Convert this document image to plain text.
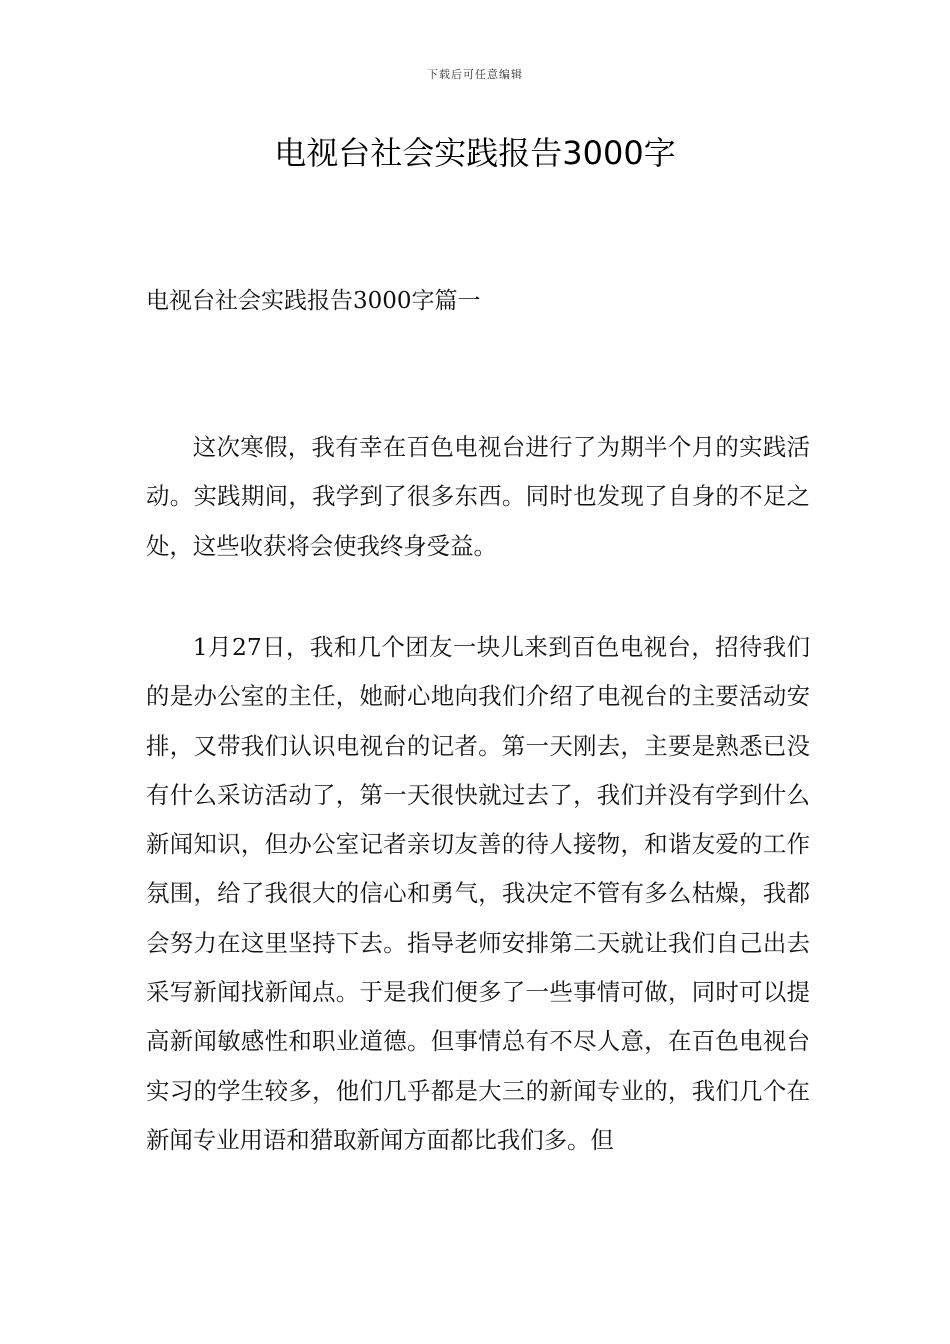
下载后可任意编辑
电视台社会实践报告3000字
电视台社会实践报告3000字篇一

这次寒假，我有幸在百色电视台进行了为期半个月的实践活动。实践期间，我学到了很多东西。同时也发现了自身的不足之处，这些收获将会使我终身受益。

1月27日，我和几个团友一块儿来到百色电视台，招待我们的是办公室的主任，她耐心地向我们介绍了电视台的主要活动安排，又带我们认识电视台的记者。第一天刚去，主要是熟悉已没有什么采访活动了，第一天很快就过去了，我们并没有学到什么新闻知识，但办公室记者亲切友善的待人接物，和谐友爱的工作氛围，给了我很大的信心和勇气，我决定不管有多么枯燥，我都会努力在这里坚持下去。指导老师安排第二天就让我们自己出去采写新闻找新闻点。于是我们便多了一些事情可做，同时可以提高新闻敏感性和职业道德。但事情总有不尽人意，在百色电视台实习的学生较多，他们几乎都是大三的新闻专业的，我们几个在新闻专业用语和猎取新闻方面都比我们多。但
